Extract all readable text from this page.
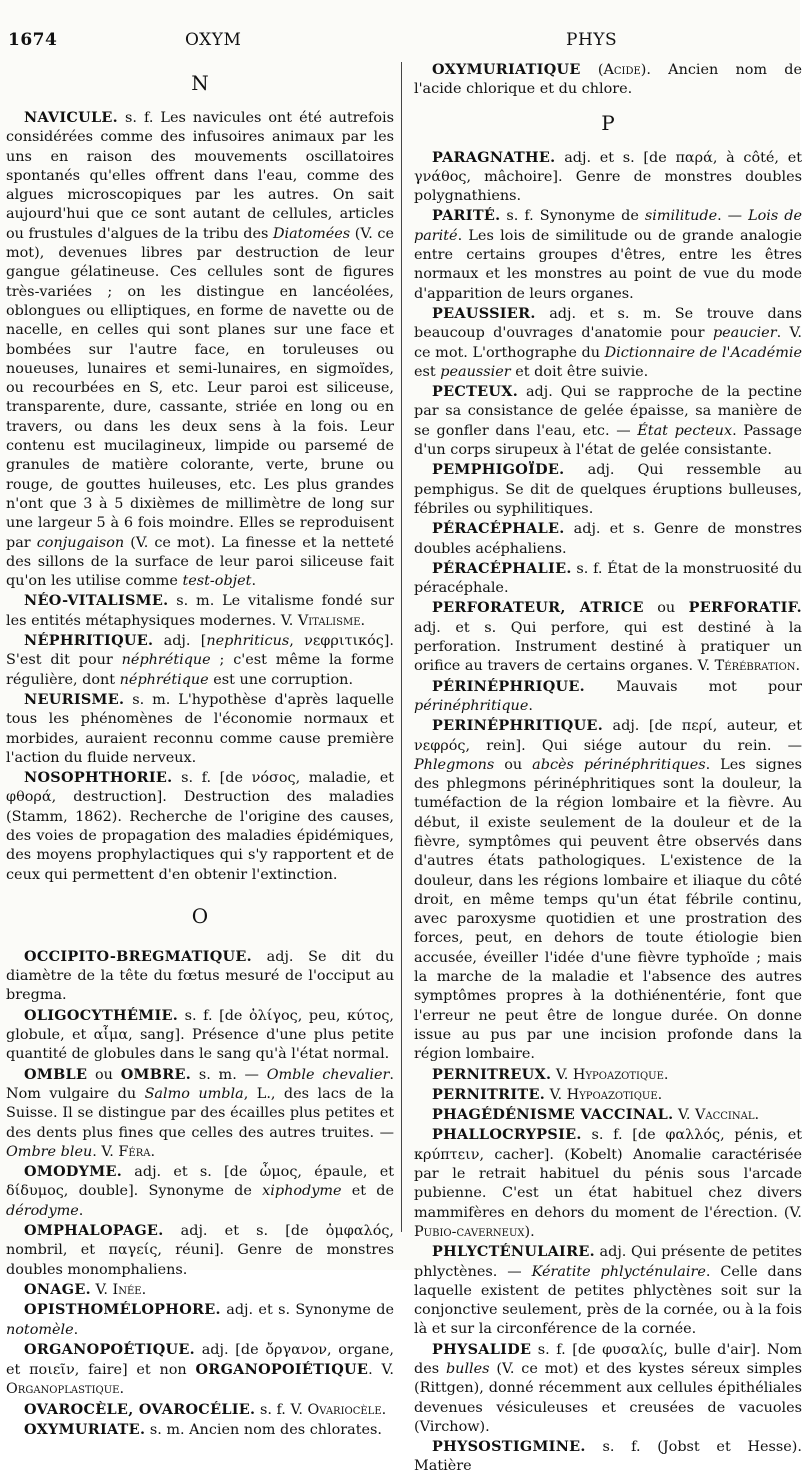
1674	OXYM	PHYS
N

NAVICULE. s. f. Les navicules ont été autrefois considérées comme des infusoires animaux par les uns en raison des mouvements oscillatoires spontanés qu'elles offrent dans l'eau, comme des algues microscopiques par les autres. On sait aujourd'hui que ce sont autant de cellules, articles ou frustules d'algues de la tribu des Diatomées (V. ce mot), devenues libres par destruction de leur gangue gélatineuse. Ces cellules sont de figures très-variées ; on les distingue en lancéolées, oblongues ou elliptiques, en forme de navette ou de nacelle, en celles qui sont planes sur une face et bombées sur l'autre face, en toruleuses ou noueuses, lunaires et semi-lunaires, en sigmoïdes, ou recourbées en S, etc. Leur paroi est siliceuse, transparente, dure, cassante, striée en long ou en travers, ou dans les deux sens à la fois. Leur contenu est mucilagineux, limpide ou parsemé de granules de matière colorante, verte, brune ou rouge, de gouttes huileuses, etc. Les plus grandes n'ont que 3 à 5 dixièmes de millimètre de long sur une largeur 5 à 6 fois moindre. Elles se reproduisent par conjugaison (V. ce mot). La finesse et la netteté des sillons de la surface de leur paroi siliceuse fait qu'on les utilise comme test-objet.

NÉO-VITALISME. s. m. Le vitalisme fondé sur les entités métaphysiques modernes. V. Vitalisme.

NÉPHRITIQUE. adj. [nephriticus, νεφριτικός]. S'est dit pour néphrétique ; c'est même la forme régulière, dont néphrétique est une corruption.

NEURISME. s. m. L'hypothèse d'après laquelle tous les phénomènes de l'économie normaux et morbides, auraient reconnu comme cause première l'action du fluide nerveux.

NOSOPHTHORIE. s. f. [de νόσος, maladie, et φθορά, destruction]. Destruction des maladies (Stamm, 1862). Recherche de l'origine des causes, des voies de propagation des maladies épidémiques, des moyens prophylactiques qui s'y rapportent et de ceux qui permettent d'en obtenir l'extinction.

O

OCCIPITO-BREGMATIQUE. adj. Se dit du diamètre de la tête du fœtus mesuré de l'occiput au bregma.

OLIGOCYTHÉMIE. s. f. [de ὀλίγος, peu, κύτος, globule, et αἷμα, sang]. Présence d'une plus petite quantité de globules dans le sang qu'à l'état normal.

OMBLE ou OMBRE. s. m. — Omble chevalier. Nom vulgaire du Salmo umbla, L., des lacs de la Suisse. Il se distingue par des écailles plus petites et des dents plus fines que celles des autres truites. — Ombre bleu. V. Féra.

OMODYME. adj. et s. [de ὦμος, épaule, et δίδυμος, double]. Synonyme de xiphodyme et de dérodyme.

OMPHALOPAGE. adj. et s. [de ὀμφαλός, nombril, et παγείς, réuni]. Genre de monstres doubles monomphaliens.

ONAGE. V. Inée.

OPISTHOMÉLOPHORE. adj. et s. Synonyme de notomèle.

ORGANOPOÉTIQUE. adj. [de ὄργανον, organe, et ποιεῖν, faire] et non ORGANOPOIÉTIQUE. V. Organoplastique.

OVAROCÈLE, OVAROCÉLIE. s. f. V. Ovariocèle.

OXYMURIATE. s. m. Ancien nom des chlorates.

OXYMURIATIQUE (Acide). Ancien nom de l'acide chlorique et du chlore.

P

PARAGNATHE. adj. et s. [de παρά, à côté, et γνάθος, mâchoire]. Genre de monstres doubles polygnathiens.

PARITÉ. s. f. Synonyme de similitude. — Lois de parité. Les lois de similitude ou de grande analogie entre certains groupes d'êtres, entre les êtres normaux et les monstres au point de vue du mode d'apparition de leurs organes.

PEAUSSIER. adj. et s. m. Se trouve dans beaucoup d'ouvrages d'anatomie pour peaucier. V. ce mot. L'orthographe du Dictionnaire de l'Académie est peaussier et doit être suivie.

PECTEUX. adj. Qui se rapproche de la pectine par sa consistance de gelée épaisse, sa manière de se gonfler dans l'eau, etc. — État pecteux. Passage d'un corps sirupeux à l'état de gelée consistante.

PEMPHIGOÏDE. adj. Qui ressemble au pemphigus. Se dit de quelques éruptions bulleuses, fébriles ou syphilitiques.

PÉRACÉPHALE. adj. et s. Genre de monstres doubles acéphaliens.

PÉRACÉPHALIE. s. f. État de la monstruosité du péracéphale.

PERFORATEUR, ATRICE ou PERFORATIF. adj. et s. Qui perfore, qui est destiné à la perforation. Instrument destiné à pratiquer un orifice au travers de certains organes. V. Térébration.

PÉRINÉPHRIQUE. Mauvais mot pour périnéphritique.

PERINÉPHRITIQUE. adj. [de περί, auteur, et νεφρός, rein]. Qui siége autour du rein. — Phlegmons ou abcès périnéphritiques. Les signes des phlegmons périnéphritiques sont la douleur, la tuméfaction de la région lombaire et la fièvre. Au début, il existe seulement de la douleur et de la fièvre, symptômes qui peuvent être observés dans d'autres états pathologiques. L'existence de la douleur, dans les régions lombaire et iliaque du côté droit, en même temps qu'un état fébrile continu, avec paroxysme quotidien et une prostration des forces, peut, en dehors de toute étiologie bien accusée, éveiller l'idée d'une fièvre typhoïde ; mais la marche de la maladie et l'absence des autres symptômes propres à la dothiénentérie, font que l'erreur ne peut être de longue durée. On donne issue au pus par une incision profonde dans la région lombaire.

PERNITREUX. V. Hypoazotique.

PERNITRITE. V. Hypoazotique.

PHAGÉDÉNISME VACCINAL. V. Vaccinal.

PHALLOCRYPSIE. s. f. [de φαλλός, pénis, et κρύπτειν, cacher]. (Kobelt) Anomalie caractérisée par le retrait habituel du pénis sous l'arcade pubienne. C'est un état habituel chez divers mammifères en dehors du moment de l'érection. (V. Pubio-caverneux).

PHLYCTÉNULAIRE. adj. Qui présente de petites phlyctènes. — Kératite phlycténulaire. Celle dans laquelle existent de petites phlyctènes soit sur la conjonctive seulement, près de la cornée, ou à la fois là et sur la circonférence de la cornée.

PHYSALIDE s. f. [de φυσαλίς, bulle d'air]. Nom des bulles (V. ce mot) et des kystes séreux simples (Rittgen), donné récemment aux cellules épithéliales devenues vésiculeuses et creusées de vacuoles (Virchow).

PHYSOSTIGMINE. s. f. (Jobst et Hesse). Matière
